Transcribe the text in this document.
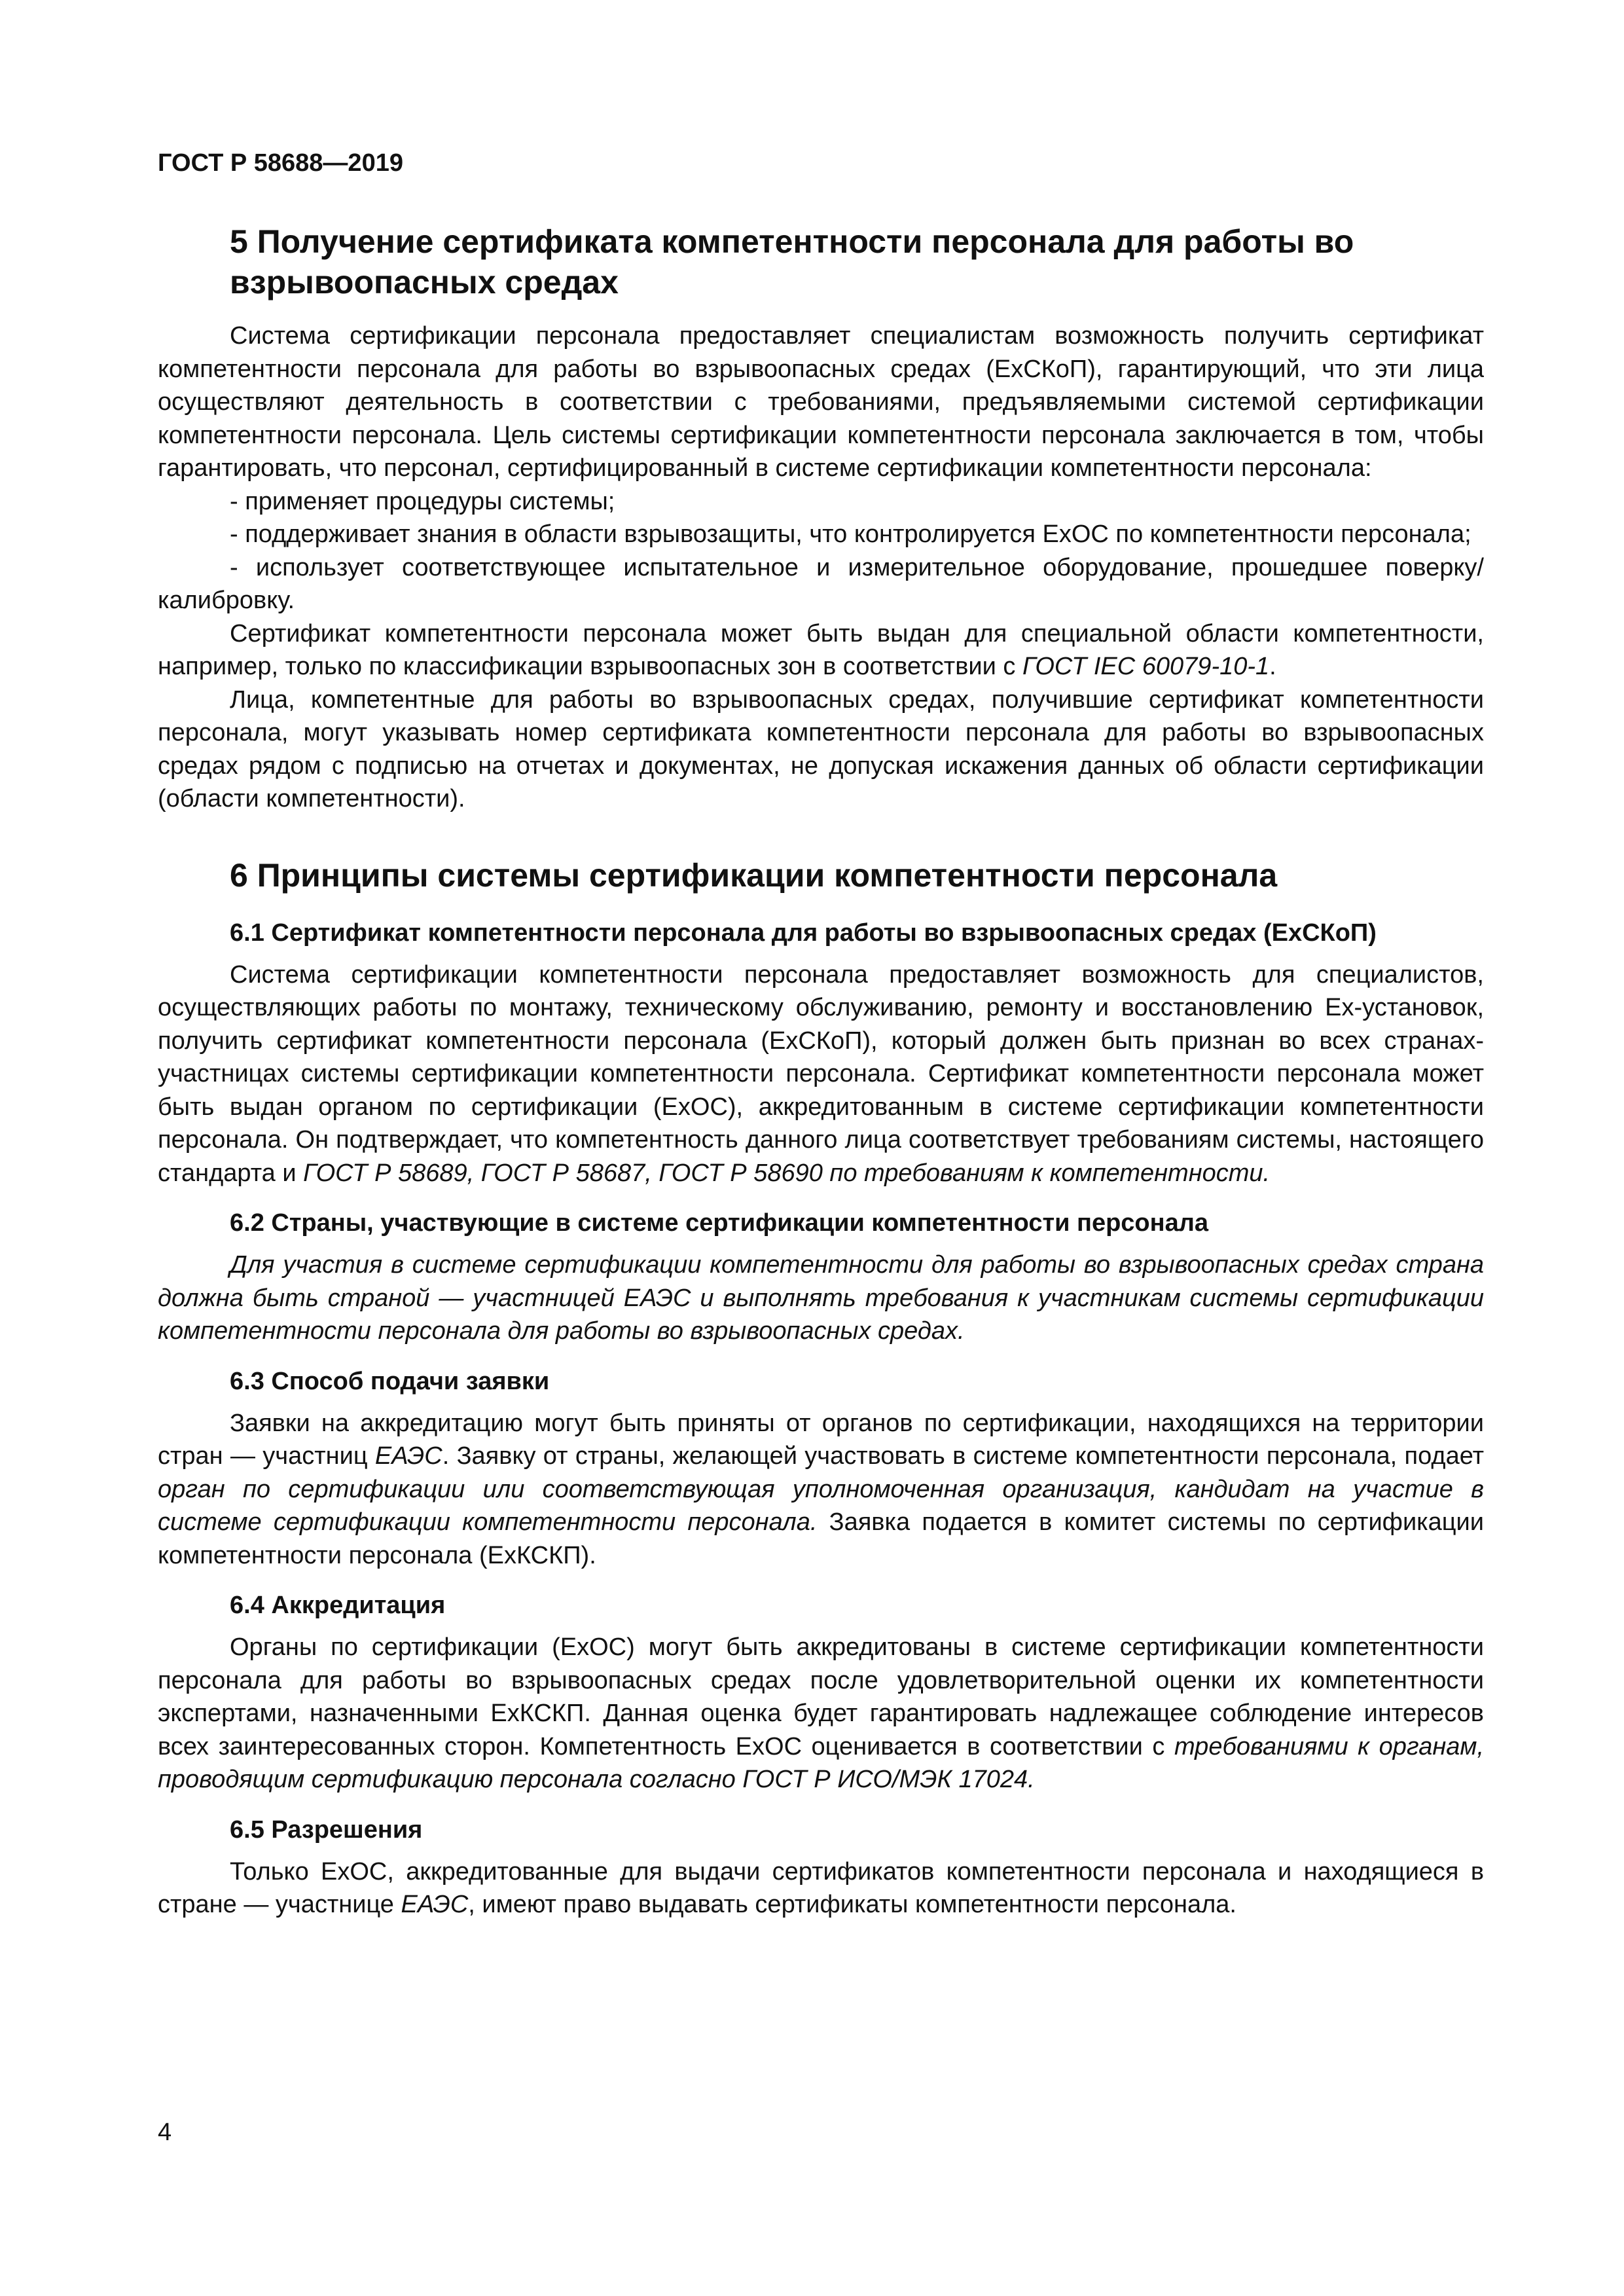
ГОСТ Р 58688—2019
5 Получение сертификата компетентности персонала для работы во взрывоопасных средах

Система сертификации персонала предоставляет специалистам возможность получить сертификат компетентности персонала для работы во взрывоопасных средах (ExСКоП), гарантирующий, что эти лица осуществляют деятельность в соответствии с требованиями, предъявляемыми системой сертификации компетентности персонала. Цель системы сертификации компетентности персонала заключается в том, чтобы гарантировать, что персонал, сертифицированный в системе сертификации компетентности персонала:

- применяет процедуры системы;

- поддерживает знания в области взрывозащиты, что контролируется ExОС по компетентности персонала;

- использует соответствующее испытательное и измерительное оборудование, прошедшее поверку/калибровку.

Сертификат компетентности персонала может быть выдан для специальной области компетентности, например, только по классификации взрывоопасных зон в соответствии с ГОСТ IEC 60079-10-1.

Лица, компетентные для работы во взрывоопасных средах, получившие сертификат компетентности персонала, могут указывать номер сертификата компетентности персонала для работы во взрывоопасных средах рядом с подписью на отчетах и документах, не допуская искажения данных об области сертификации (области компетентности).

6 Принципы системы сертификации компетентности персонала
6.1 Сертификат компетентности персонала для работы во взрывоопасных средах (ExСКоП)

Система сертификации компетентности персонала предоставляет возможность для специалистов, осуществляющих работы по монтажу, техническому обслуживанию, ремонту и восстановлению Ex-установок, получить сертификат компетентности персонала (ExСКоП), который должен быть признан во всех странах-участницах системы сертификации компетентности персонала. Сертификат компетентности персонала может быть выдан органом по сертификации (ExОС), аккредитованным в системе сертификации компетентности персонала. Он подтверждает, что компетентность данного лица соответствует требованиям системы, настоящего стандарта и ГОСТ Р 58689, ГОСТ Р 58687, ГОСТ Р 58690 по требованиям к компетентности.

6.2 Страны, участвующие в системе сертификации компетентности персонала

Для участия в системе сертификации компетентности для работы во взрывоопасных средах страна должна быть страной — участницей ЕАЭС и выполнять требования к участникам системы сертификации компетентности персонала для работы во взрывоопасных средах.

6.3 Способ подачи заявки

Заявки на аккредитацию могут быть приняты от органов по сертификации, находящихся на территории стран — участниц ЕАЭС. Заявку от страны, желающей участвовать в системе компетентности персонала, подает орган по сертификации или соответствующая уполномоченная организация, кандидат на участие в системе сертификации компетентности персонала. Заявка подается в комитет системы по сертификации компетентности персонала (ExКСКП).

6.4 Аккредитация

Органы по сертификации (ExОС) могут быть аккредитованы в системе сертификации компетентности персонала для работы во взрывоопасных средах после удовлетворительной оценки их компетентности экспертами, назначенными ExКСКП. Данная оценка будет гарантировать надлежащее соблюдение интересов всех заинтересованных сторон. Компетентность ExОС оценивается в соответствии с требованиями к органам, проводящим сертификацию персонала согласно ГОСТ Р ИСО/МЭК 17024.

6.5 Разрешения

Только ExОС, аккредитованные для выдачи сертификатов компетентности персонала и находящиеся в стране — участнице ЕАЭС, имеют право выдавать сертификаты компетентности персонала.

4
